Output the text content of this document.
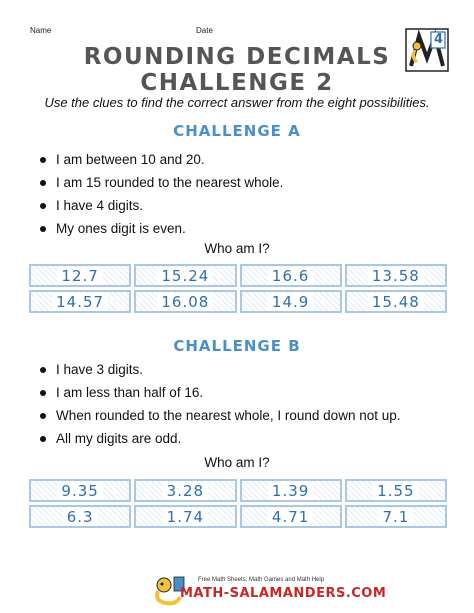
Name	Date
4
ROUNDING DECIMALS
CHALLENGE 2
Use the clues to find the correct answer from the eight possibilities.
CHALLENGE A
I am between 10 and 20.
I am 15 rounded to the nearest whole.
I have 4 digits.
My ones digit is even.
Who am I?
12.7	15.24	16.6	13.58
14.57	16.08	14.9	15.48
CHALLENGE B
I have 3 digits.
I am less than half of 16.
When rounded to the nearest whole, I round down not up.
All my digits are odd.
Who am I?
9.35	3.28	1.39	1.55
6.3	1.74	4.71	7.1
Free Math Sheets, Math Games and Math Help
MATH-SALAMANDERS.COM
